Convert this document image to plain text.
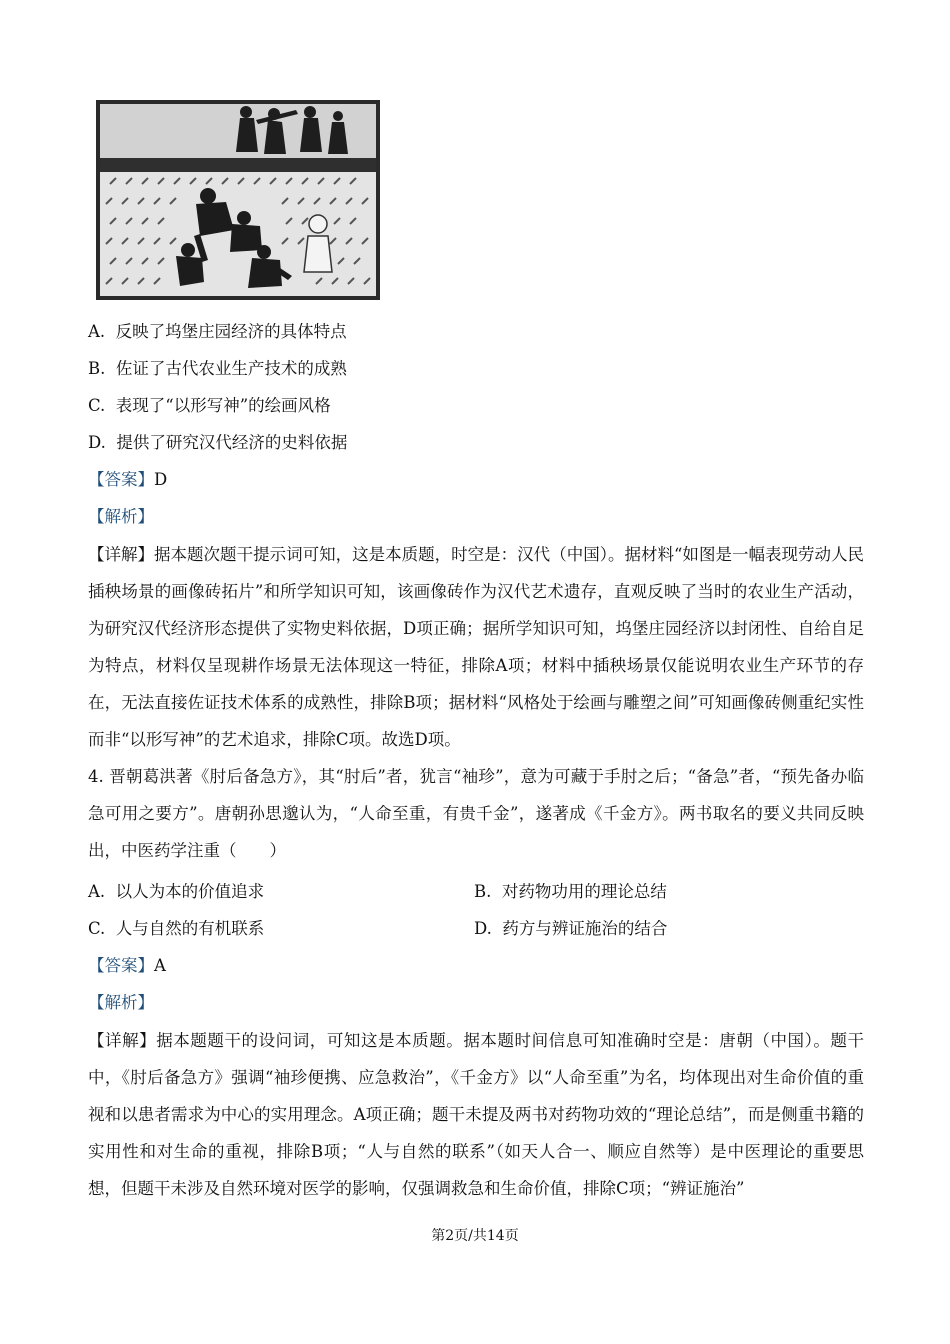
A. 反映了坞堡庄园经济的具体特点
B. 佐证了古代农业生产技术的成熟
C. 表现了“以形写神”的绘画风格
D. 提供了研究汉代经济的史料依据
【答案】D
【解析】
【详解】据本题次题干提示词可知，这是本质题，时空是：汉代（中国）。据材料“如图是一幅表现劳动人民插秧场景的画像砖拓片”和所学知识可知，该画像砖作为汉代艺术遗存，直观反映了当时的农业生产活动，为研究汉代经济形态提供了实物史料依据，D项正确；据所学知识可知，坞堡庄园经济以封闭性、自给自足为特点，材料仅呈现耕作场景无法体现这一特征，排除A项；材料中插秧场景仅能说明农业生产环节的存在，无法直接佐证技术体系的成熟性，排除B项；据材料“风格处于绘画与雕塑之间”可知画像砖侧重纪实性而非“以形写神”的艺术追求，排除C项。故选D项。
4. 晋朝葛洪著《肘后备急方》，其“肘后”者，犹言“袖珍”，意为可藏于手肘之后；“备急”者，“预先备办临急可用之要方”。唐朝孙思邈认为，“人命至重，有贵千金”，遂著成《千金方》。两书取名的要义共同反映出，中医药学注重（　　）
A. 以人为本的价值追求	B. 对药物功用的理论总结
C. 人与自然的有机联系	D. 药方与辨证施治的结合
【答案】A
【解析】
【详解】据本题题干的设问词，可知这是本质题。据本题时间信息可知准确时空是：唐朝（中国）。题干中，《肘后备急方》强调“袖珍便携、应急救治”，《千金方》以“人命至重”为名，均体现出对生命价值的重视和以患者需求为中心的实用理念。A项正确；题干未提及两书对药物功效的“理论总结”，而是侧重书籍的实用性和对生命的重视，排除B项；“人与自然的联系”（如天人合一、顺应自然等）是中医理论的重要思想，但题干未涉及自然环境对医学的影响，仅强调救急和生命价值，排除C项；“辨证施治”
第2页/共14页
